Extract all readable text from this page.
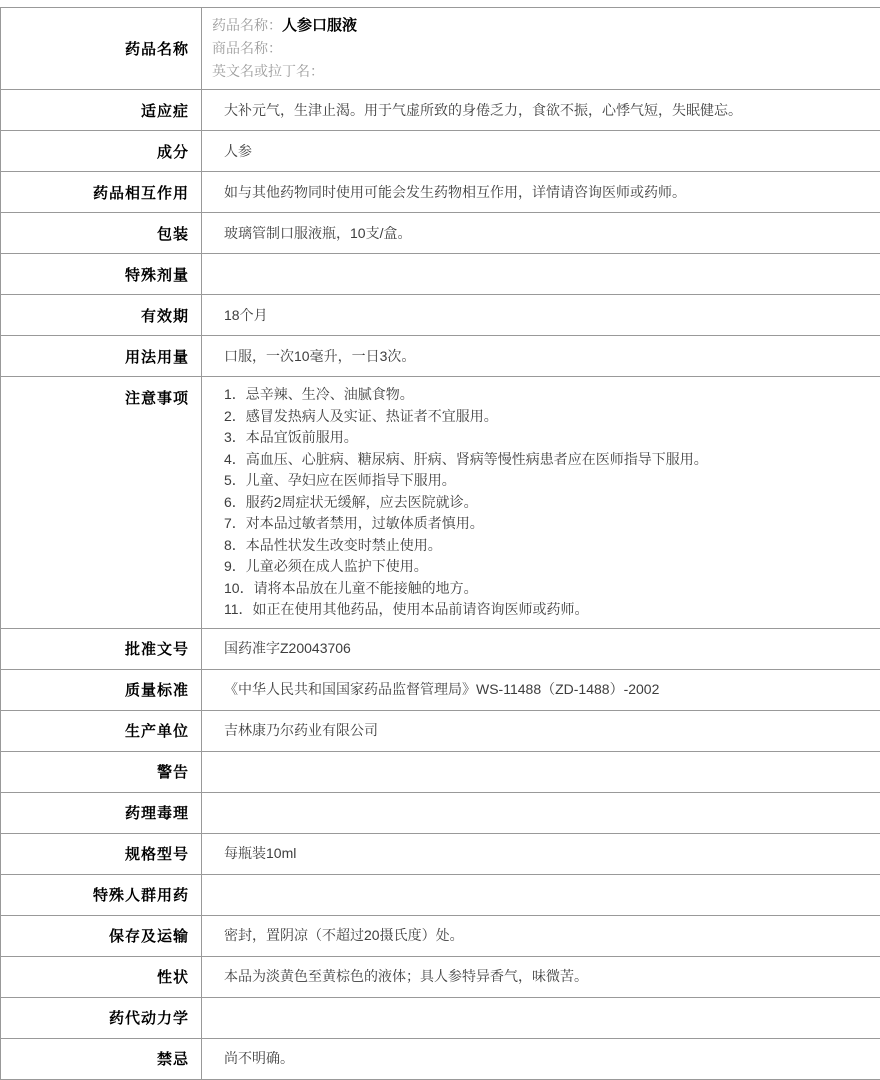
药品名称	药品名称：人参口服液
商品名称：
英文名或拉丁名：

适应症	大补元气，生津止渴。用于气虚所致的身倦乏力，食欲不振，心悸气短，失眠健忘。
成分	人参
药品相互作用	如与其他药物同时使用可能会发生药物相互作用，详情请咨询医师或药师。
包装	玻璃管制口服液瓶，10支/盒。
特殊剂量	
有效期	18个月
用法用量	口服，一次10毫升，一日3次。
注意事项	1．忌辛辣、生冷、油腻食物。
2．感冒发热病人及实证、热证者不宜服用。
3．本品宜饭前服用。
4．高血压、心脏病、糖尿病、肝病、肾病等慢性病患者应在医师指导下服用。
5．儿童、孕妇应在医师指导下服用。
6．服药2周症状无缓解，应去医院就诊。
7．对本品过敏者禁用，过敏体质者慎用。
8．本品性状发生改变时禁止使用。
9．儿童必须在成人监护下使用。
10．请将本品放在儿童不能接触的地方。
11．如正在使用其他药品，使用本品前请咨询医师或药师。

批准文号	国药准字Z20043706
质量标准	《中华人民共和国国家药品监督管理局》WS-11488（ZD-1488）-2002
生产单位	吉林康乃尔药业有限公司
警告	
药理毒理	
规格型号	每瓶装10ml
特殊人群用药	
保存及运输	密封，置阴凉（不超过20摄氏度）处。
性状	本品为淡黄色至黄棕色的液体；具人参特异香气，味微苦。
药代动力学	
禁忌	尚不明确。
